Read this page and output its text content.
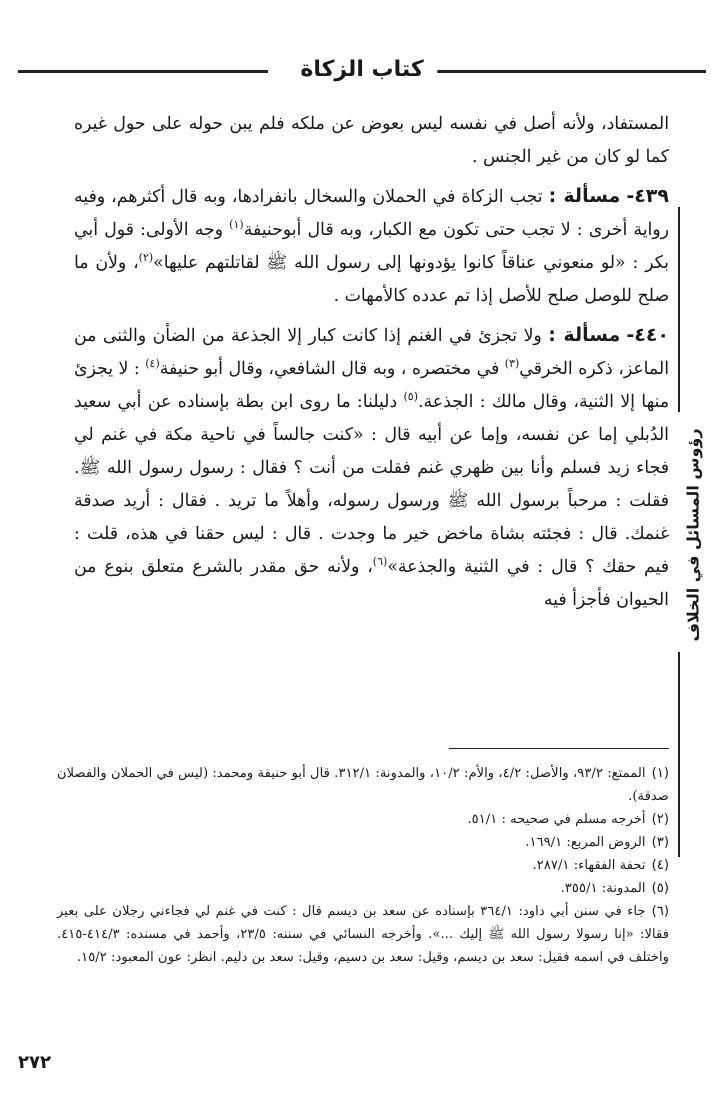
كتاب الزكاة
رؤوس المسائل في الخلاف

المستفاد، ولأنه أصل في نفسه ليس بعوض عن ملكه فلم يبن حوله على حول غيره كما لو كان من غير الجنس .

٤٣٩-مسألة : تجب الزكاة في الحملان والسخال بانفرادها، وبه قال أكثرهم، وفيه رواية أخرى : لا تجب حتى تكون مع الكبار، وبه قال أبوحنيفة$^{(١)}$ وجه الأولى: قول أبي بكر : «لو منعوني عناقاً كانوا يؤدونها إلى رسول الله ﷺ لقاتلتهم عليها»$^{(٢)}$، ولأن ما صلح للوصل صلح للأصل إذا تم عدده كالأمهات .

٤٤٠-مسألة : ولا تجزئ في الغنم إذا كانت كبار إلا الجذعة من الضأن والثنى من الماعز، ذكره الخرقي$^{(٣)}$ في مختصره ، وبه قال الشافعي، وقال أبو حنيفة$^{(٤)}$ : لا يجزئ منها إلا الثنية، وقال مالك : الجذعة.$^{(٥)}$ دليلنا: ما روى ابن بطة بإسناده عن أبي سعيد الدُبلي إما عن نفسه، وإما عن أبيه قال : «كنت جالساً في ناحية مكة في غنم لي فجاء زيد فسلم وأنا بين ظهري غنم فقلت من أنت ؟ فقال : رسول رسول الله ﷺ. فقلت : مرحباً برسول الله ﷺ ورسول رسوله، وأهلاً ما تريد . فقال : أريد صدقة غنمك. قال : فجئته بشاة ماخض خير ما وجدت . قال : ليس حقنا في هذه، قلت : فيم حقك ؟ قال : في الثنية والجذعة»$^{(٦)}$، ولأنه حق مقدر بالشرع متعلق بنوع من الحيوان فأجزأ فيه

(١)الممتع: ٩٣/٢، والأصل: ٤/٢، والأم: ١٠/٢، والمدونة: ٣١٢/١. قال أبو حنيفة ومحمد: (ليس في الحملان والفصلان صدقة).
(٢)أخرجه مسلم في صحيحه : ٥١/١.
(٣)الروض المربع: ١٦٩/١.
(٤)تحفة الفقهاء: ٢٨٧/١.
(٥)المدونة: ٣٥٥/١.
(٦)جاء في سنن أبي داود: ٣٦٤/١ بإسناده عن سعد بن ديسم قال : كنت في غنم لي فجاءني رجلان على بعير فقالا: «إنا رسولا رسول الله ﷺ إليك ...». وأخرجه النسائي في سننه: ٢٣/٥، وأحمد في مسنده: ٤١٤/٣-٤١٥. واختلف في اسمه فقيل: سعد بن ديسم، وقيل: سعد بن دسيم، وقيل: سعد بن دليم. انظر: عون المعبود: ١٥/٢.
٢٧٢
